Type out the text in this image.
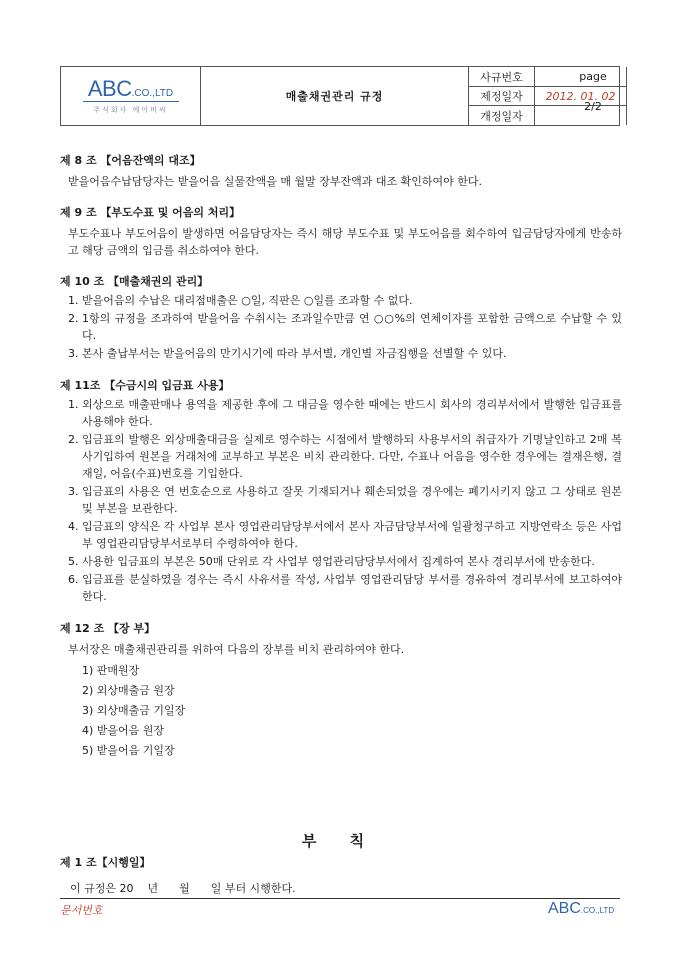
ABC.CO.,LTD
주식회사 에이비씨
매출채권관리 규정
사규번호
제정일자	2012. 01. 02
개정일자
page
2/2

제 8 조 【어음잔액의 대조】

받을어음수납담당자는 받을어음 실물잔액을 매 월말 장부잔액과 대조 확인하여야 한다.

제 9 조 【부도수표 및 어음의 처리】

부도수표나 부도어음이 발생하면 어음담당자는 즉시 해당 부도수표 및 부도어음를 회수하여 입금담당자에게 반송하고 해당 금액의 입금를 취소하여야 한다.

제 10 조 【매출채권의 관리】

1. 받을어음의 수납은 대리점매출은 ○일, 직판은 ○일를 조과할 수 없다.
2. 1항의 규정을 조과하여 받을어음 수취시는 조과일수만큼 연 ○○%의 연체이자를 포함한 금액으로 수납할 수 있다.
3. 본사 출납부서는 받을어음의 만기시기에 따라 부서별, 개인별 자금집행을 선별할 수 있다.

제 11조 【수금시의 입금표 사용】

1. 외상으로 매출판매나 용역을 제공한 후에 그 대금을 영수한 때에는 반드시 회사의 경리부서에서 발행한 입금표를 사용해야 한다.
2. 입금표의 발행은 외상매출대금을 실제로 영수하는 시점에서 발행하되 사용부서의 취급자가 기명날인하고 2매 복사기입하여 원본을 거래처에 교부하고 부본은 비치 관리한다. 다만, 수표나 어음을 영수한 경우에는 결재은행, 결재일, 어음(수표)번호를 기입한다.
3. 입금표의 사용은 연 번호순으로 사용하고 잘못 기재되거나 훼손되었을 경우에는 폐기시키지 않고 그 상태로 원본 및 부본을 보관한다.
4. 입금표의 양식은 각 사업부 본사 영업관리담당부서에서 본사 자금담당부서에 일괄청구하고 지방연락소 등은 사업부 영업관리담당부서로부터 수령하여야 한다.
5. 사용한 입금표의 부본은 50매 단위로 각 사업부 영업관리담당부서에서 집계하여 본사 경리부서에 반송한다.
6. 입금표를 분실하였을 경우는 즉시 사유서를 작성, 사업부 영업관리담당 부서를 경유하여 경리부서에 보고하여야 한다.

제 12 조 【장 부】

부서장은 매출채권관리를 위하여 다음의 장부를 비치 관리하여야 한다.

1) 판매원장
2) 외상매출금 원장
3) 외상매출금 기일장
4) 받을어음 원장
5) 받을어음 기일장
부 칙
제 1 조【시행일】
이 규정은 20    년      월      일 부터 시행한다.
문서번호	ABC.CO.,LTD
